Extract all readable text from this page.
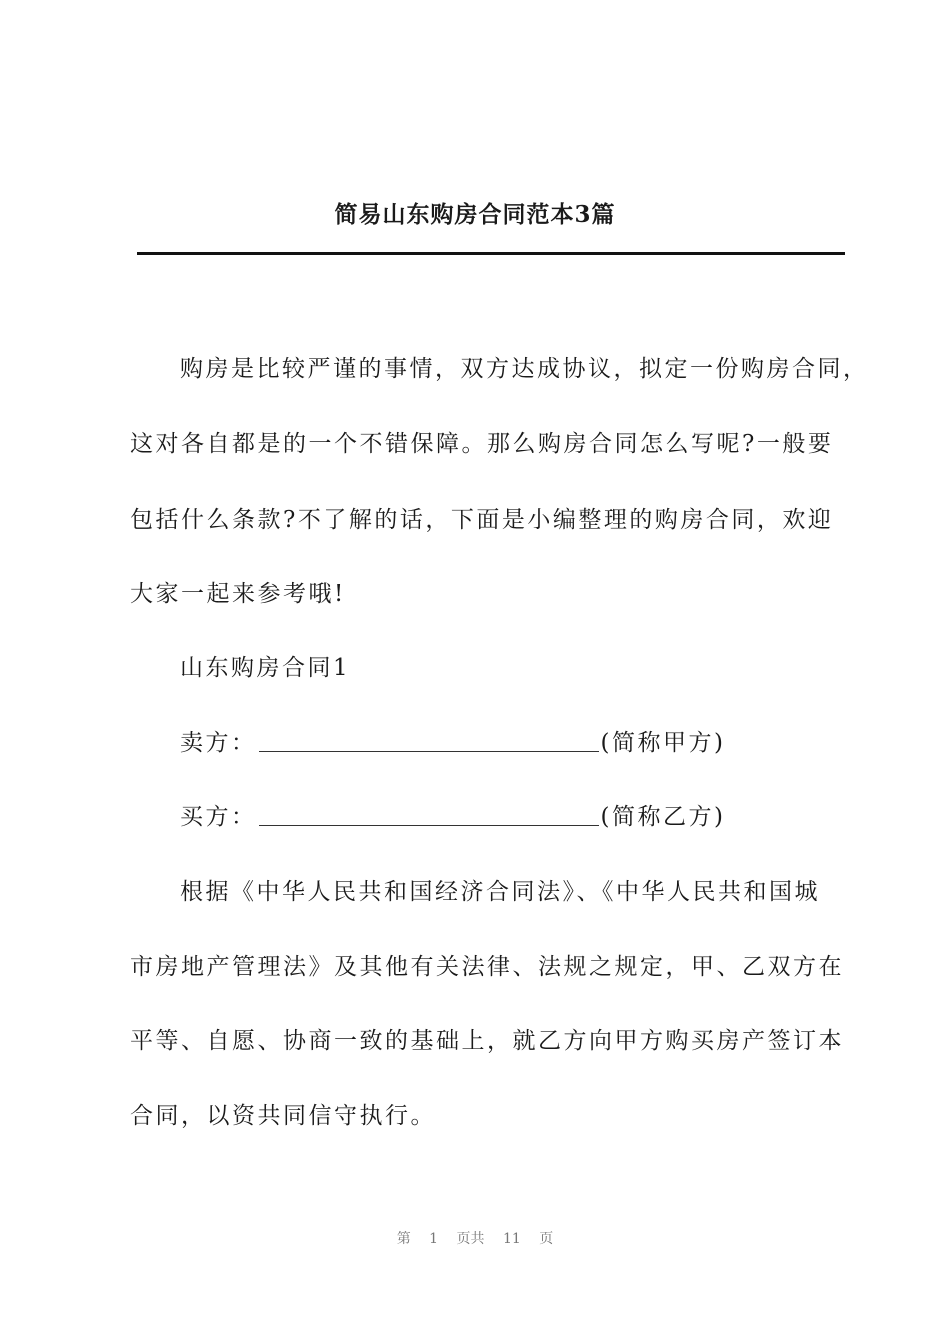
简易山东购房合同范本3篇
购房是比较严谨的事情，双方达成协议，拟定一份购房合同，
这对各自都是的一个不错保障。那么购房合同怎么写呢?一般要
包括什么条款?不了解的话，下面是小编整理的购房合同，欢迎
大家一起来参考哦!
山东购房合同1
卖方：	(简称甲方)
买方：	(简称乙方)
根据《中华人民共和国经济合同法》、《中华人民共和国城
市房地产管理法》及其他有关法律、法规之规定，甲、乙双方在
平等、自愿、协商一致的基础上，就乙方向甲方购买房产签订本
合同，以资共同信守执行。
第 1 页共 11 页
